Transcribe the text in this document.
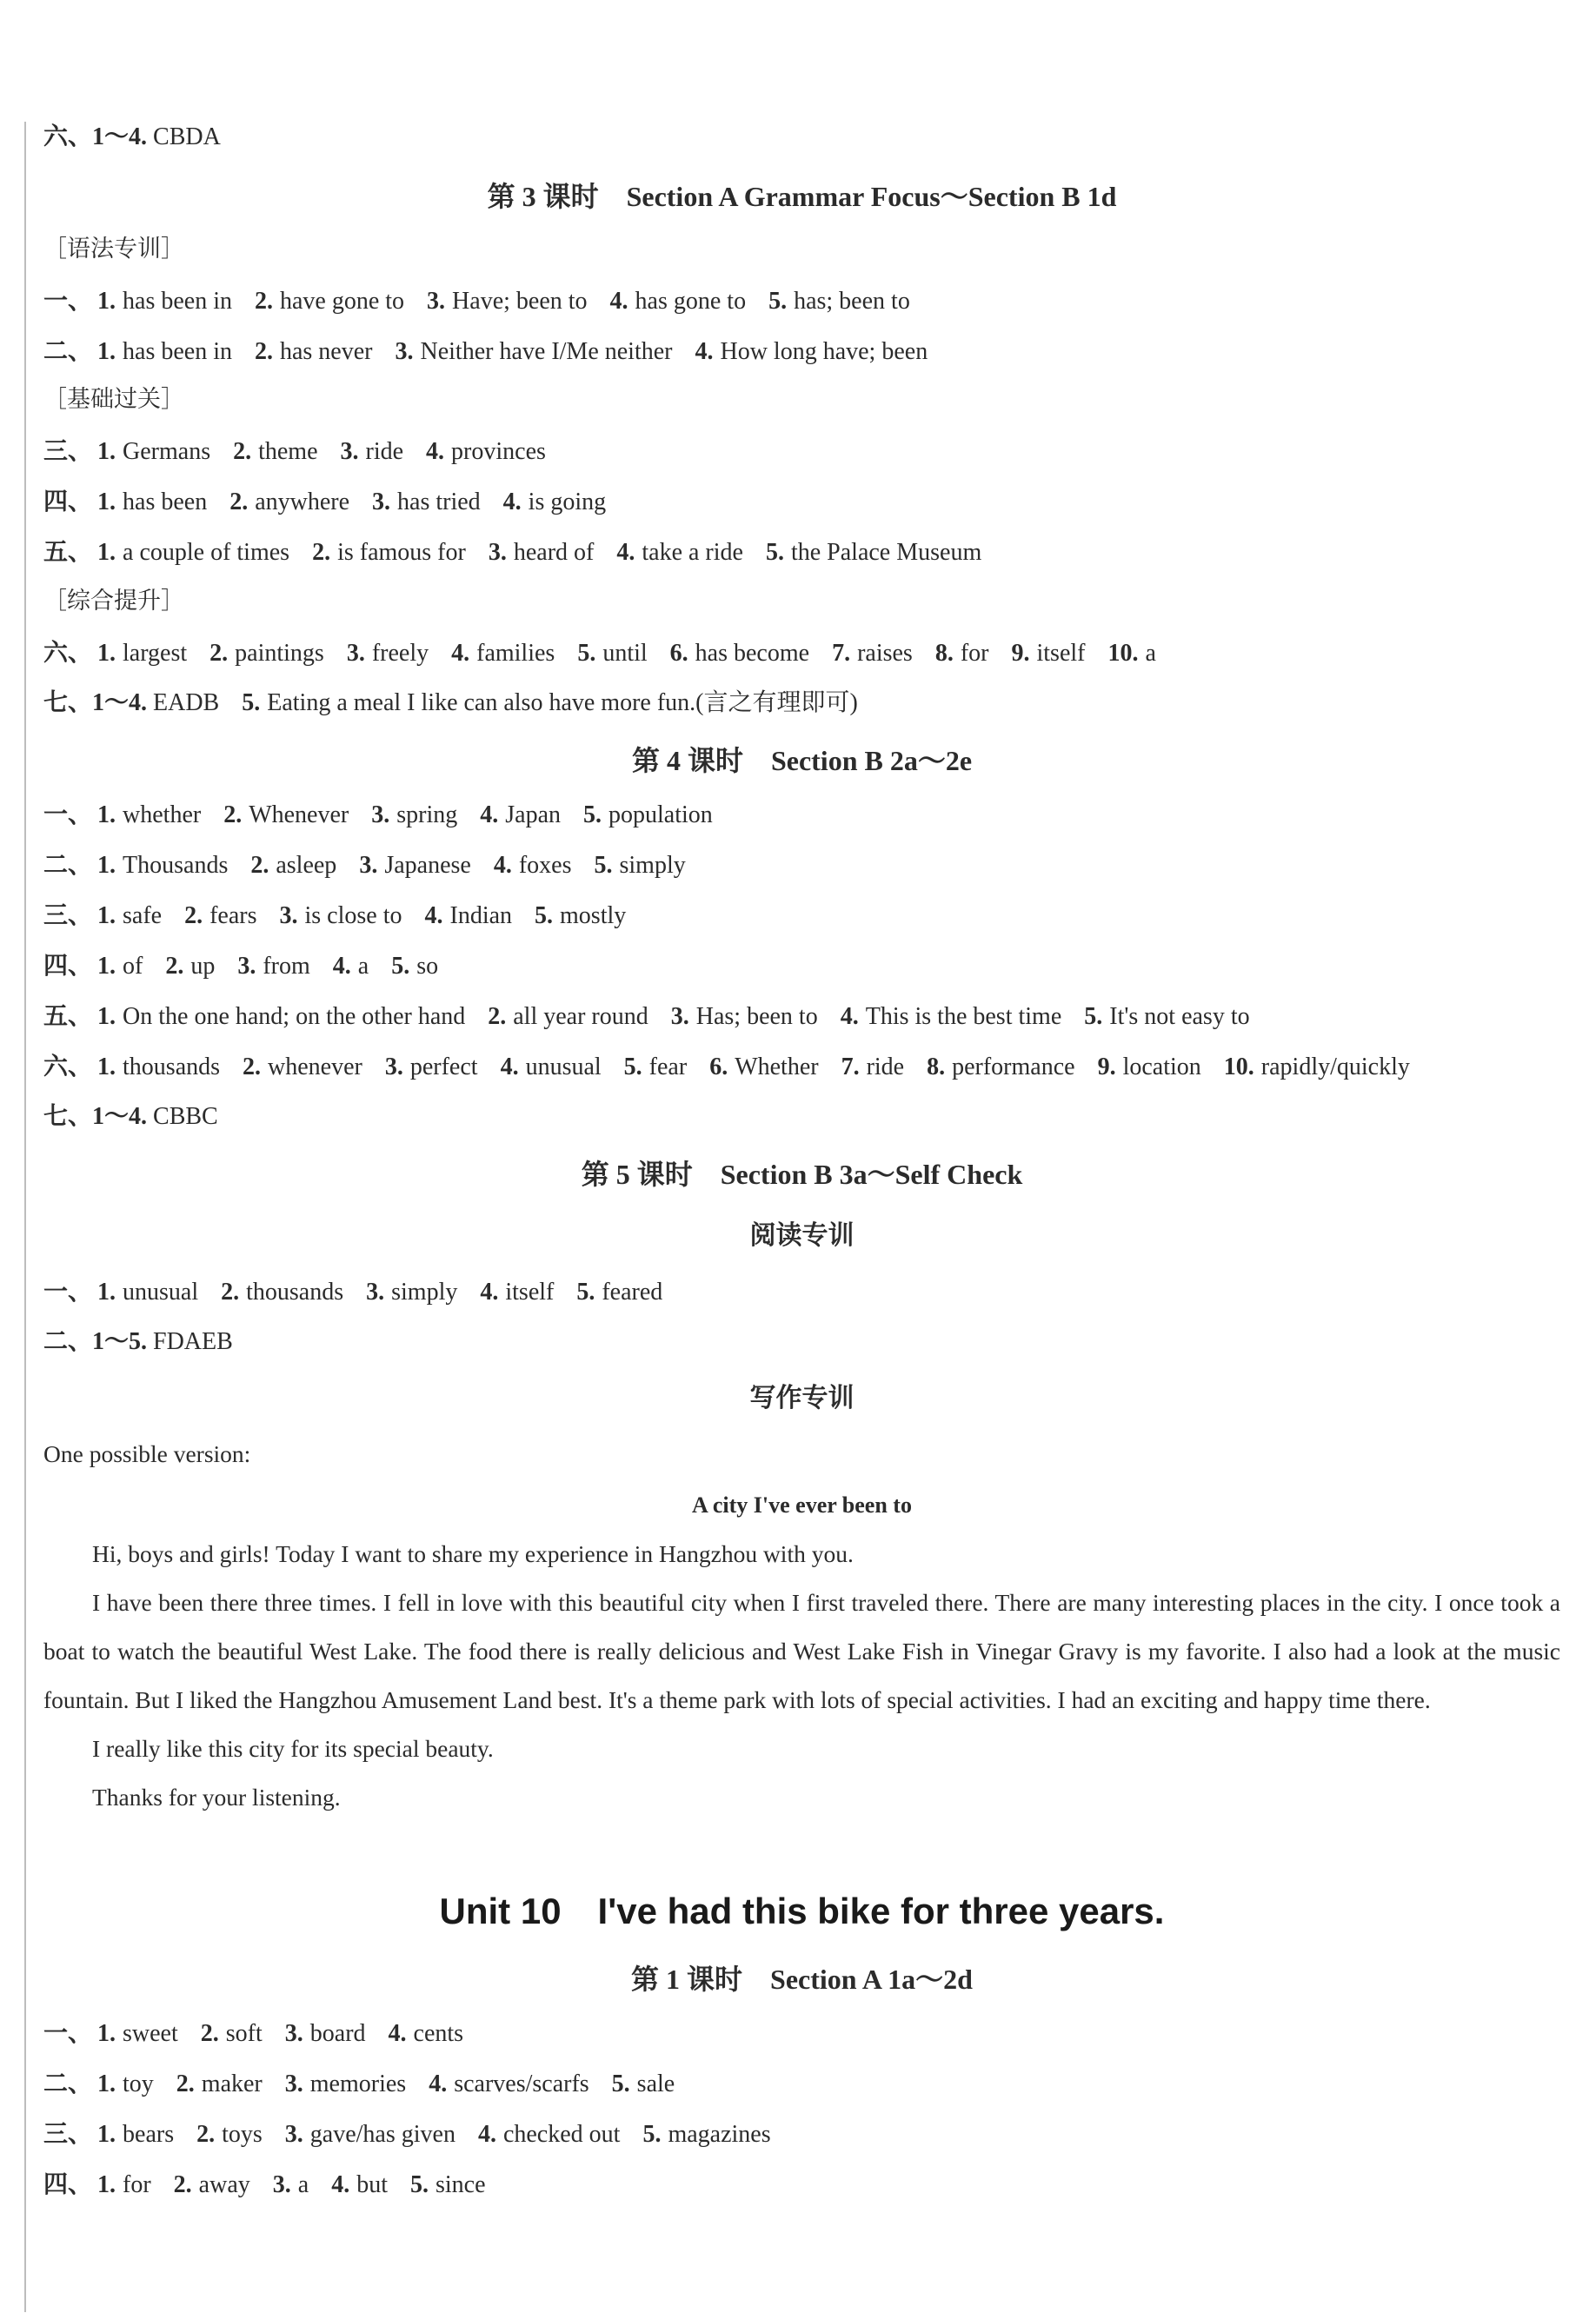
六、1～4. CBDA
第 3 课时　Section A Grammar Focus～Section B 1d
［语法专训］
一、 1. has been in 2. have gone to 3. Have; been to 4. has gone to 5. has; been to
二、 1. has been in 2. has never 3. Neither have I/Me neither 4. How long have; been
［基础过关］
三、 1. Germans 2. theme 3. ride 4. provinces
四、 1. has been 2. anywhere 3. has tried 4. is going
五、 1. a couple of times 2. is famous for 3. heard of 4. take a ride 5. the Palace Museum
［综合提升］
六、 1. largest 2. paintings 3. freely 4. families 5. until 6. has become 7. raises 8. for 9. itself 10. a
七、1～4. EADB 5. Eating a meal I like can also have more fun.(言之有理即可)
第 4 课时　Section B 2a～2e
一、 1. whether 2. Whenever 3. spring 4. Japan 5. population
二、 1. Thousands 2. asleep 3. Japanese 4. foxes 5. simply
三、 1. safe 2. fears 3. is close to 4. Indian 5. mostly
四、 1. of 2. up 3. from 4. a 5. so
五、 1. On the one hand; on the other hand 2. all year round 3. Has; been to 4. This is the best time 5. It's not easy to
六、 1. thousands 2. whenever 3. perfect 4. unusual 5. fear 6. Whether 7. ride 8. performance 9. location 10. rapidly/quickly
七、1～4. CBBC
第 5 课时　Section B 3a～Self Check
阅读专训
一、 1. unusual 2. thousands 3. simply 4. itself 5. feared
二、1～5. FDAEB
写作专训
One possible version:
A city I've ever been to

Hi, boys and girls! Today I want to share my experience in Hangzhou with you.

I have been there three times. I fell in love with this beautiful city when I first traveled there. There are many interesting places in the city. I once took a boat to watch the beautiful West Lake. The food there is really delicious and West Lake Fish in Vinegar Gravy is my favorite. I also had a look at the music fountain. But I liked the Hangzhou Amusement Land best. It's a theme park with lots of special activities. I had an exciting and happy time there.

I really like this city for its special beauty.

Thanks for your listening.

Unit 10　I've had this bike for three years.
第 1 课时　Section A 1a～2d
一、 1. sweet 2. soft 3. board 4. cents
二、 1. toy 2. maker 3. memories 4. scarves/scarfs 5. sale
三、 1. bears 2. toys 3. gave/has given 4. checked out 5. magazines
四、 1. for 2. away 3. a 4. but 5. since
